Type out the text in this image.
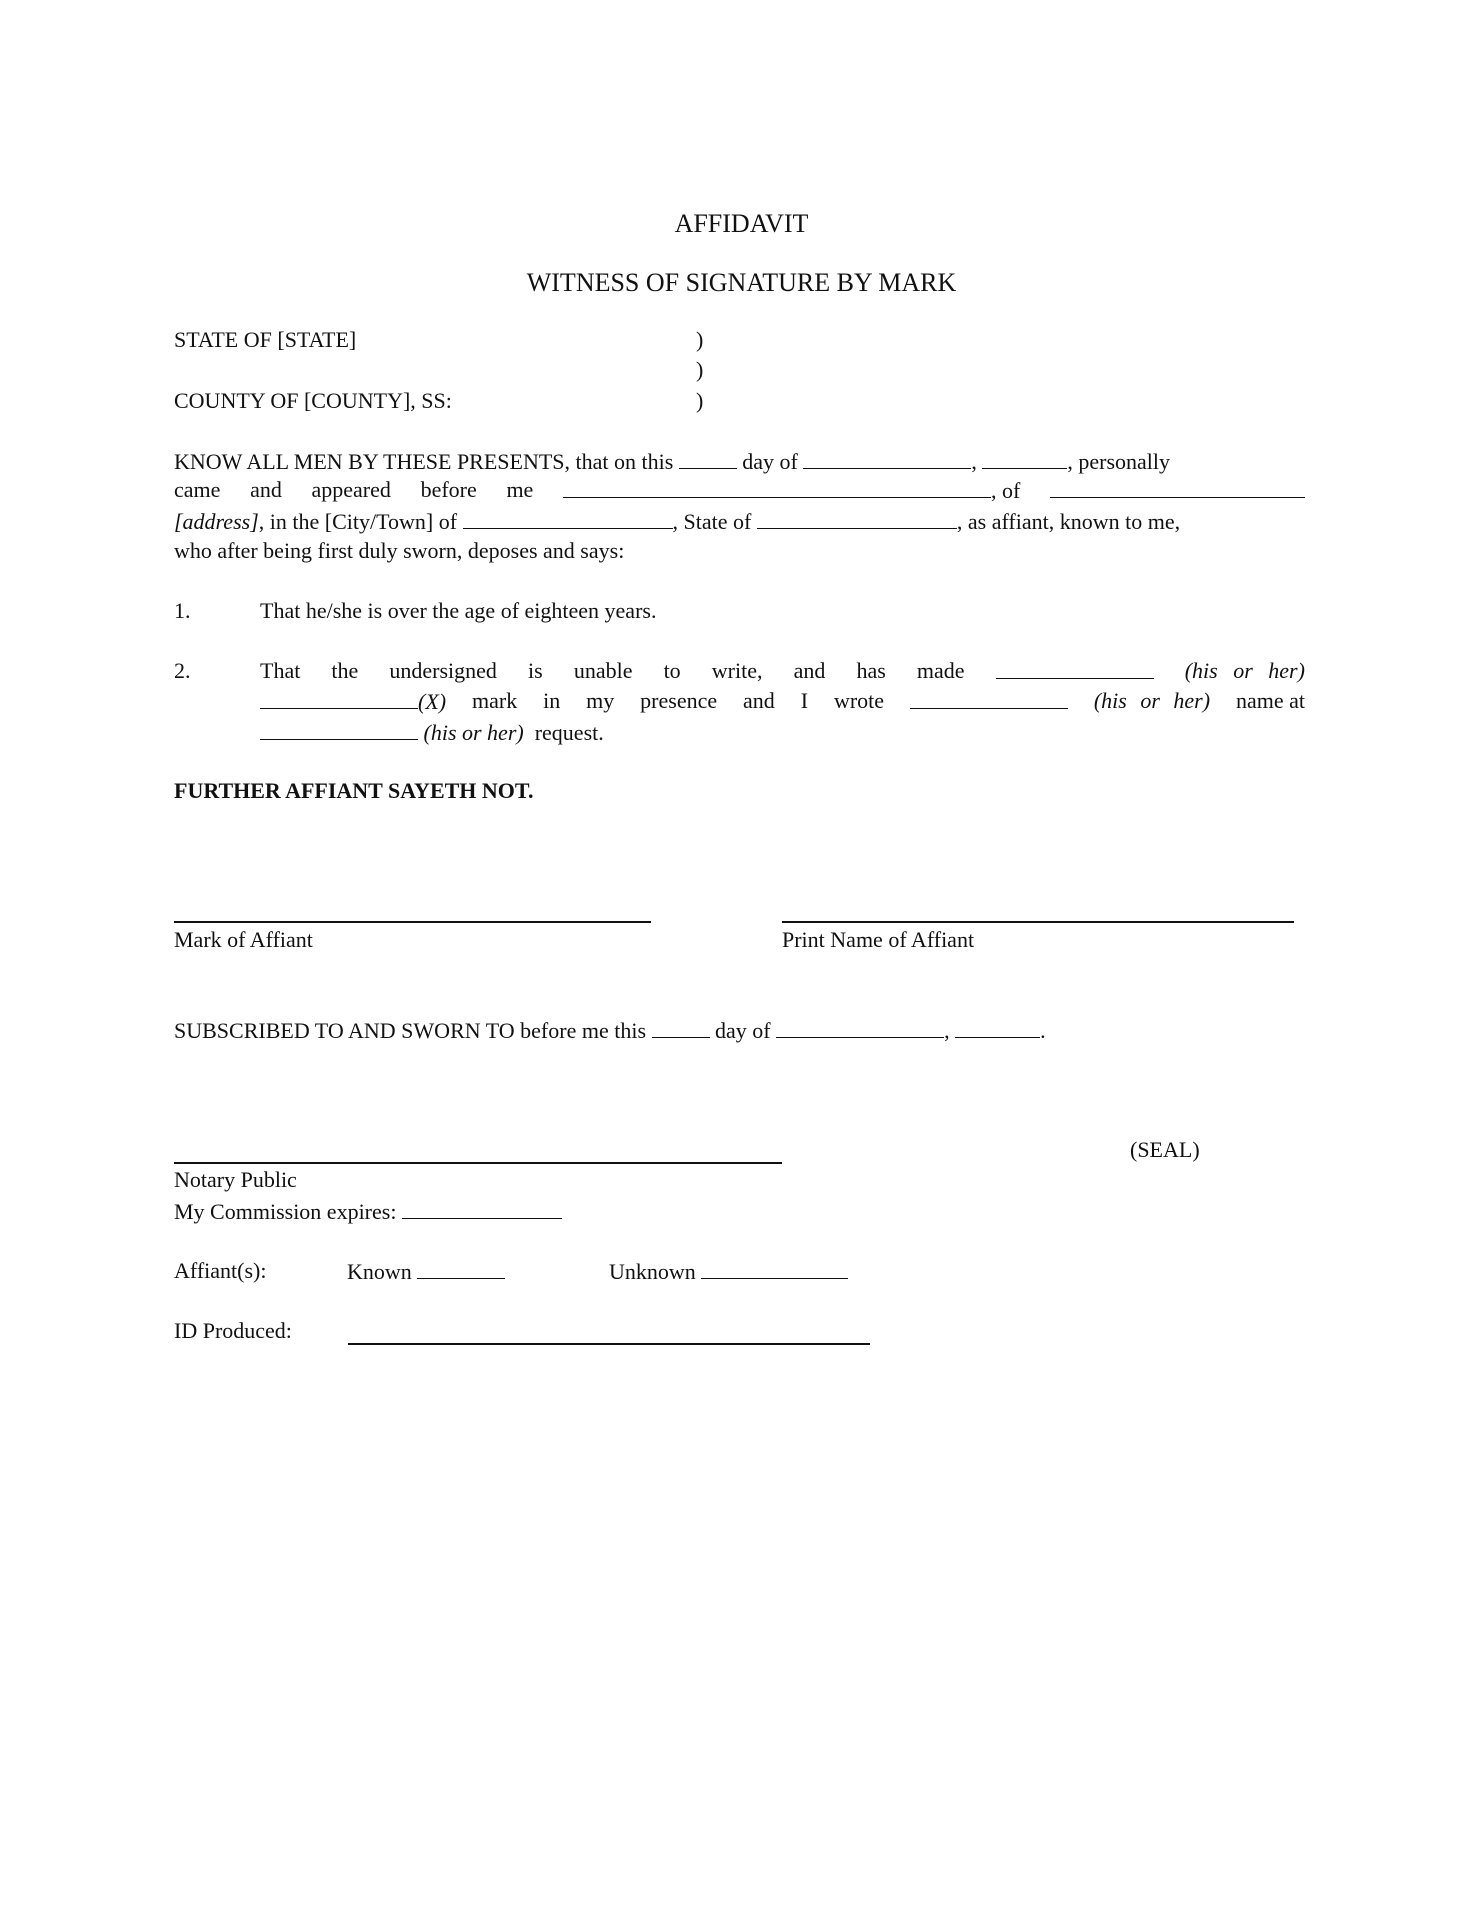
AFFIDAVIT
WITNESS OF SIGNATURE BY MARK
STATE OF [STATE]	)
)
COUNTY OF [COUNTY], SS:	)
KNOW ALL MEN BY THESE PRESENTS, that on this	day of	,	, personally
came and appeared before me	, of
[address], in the [City/Town] of	, State of	, as affiant, known to me,
who after being first duly sworn, deposes and says:
1.	That he/she is over the age of eighteen years.
2.	That the undersigned is unable to write, and has made	(his or her)
(X) mark in my presence and I wrote	(his or her) name at
(his or her) request.
FURTHER AFFIANT SAYETH NOT.
Mark of Affiant	Print Name of Affiant
SUBSCRIBED TO AND SWORN TO before me this	day of	,	.
(SEAL)
Notary Public
My Commission expires:
Affiant(s):	Known	Unknown
ID Produced:
